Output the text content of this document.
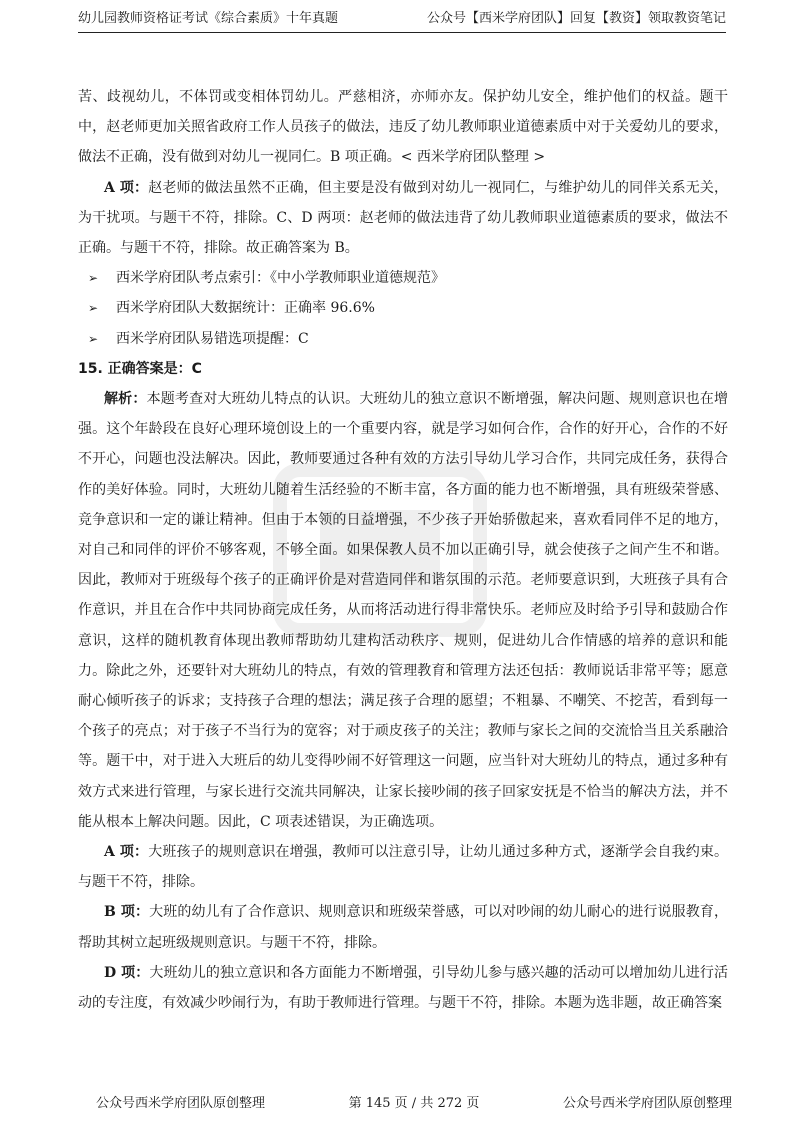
幼儿园教师资格证考试《综合素质》十年真题	公众号【西米学府团队】回复【教资】领取教资笔记

苦、歧视幼儿，不体罚或变相体罚幼儿。严慈相济，亦师亦友。保护幼儿安全，维护他们的权益。题干中，赵老师更加关照省政府工作人员孩子的做法，违反了幼儿教师职业道德素质中对于关爱幼儿的要求，做法不正确，没有做到对幼儿一视同仁。B 项正确。< 西米学府团队整理 >

A 项：赵老师的做法虽然不正确，但主要是没有做到对幼儿一视同仁，与维护幼儿的同伴关系无关，为干扰项。与题干不符，排除。C、D 两项：赵老师的做法违背了幼儿教师职业道德素质的要求，做法不正确。与题干不符，排除。故正确答案为 B。

➢	西米学府团队考点索引：《中小学教师职业道德规范》
➢	西米学府团队大数据统计：正确率 96.6%
➢	西米学府团队易错选项提醒：C

15. 正确答案是：C

解析：本题考查对大班幼儿特点的认识。大班幼儿的独立意识不断增强，解决问题、规则意识也在增强。这个年龄段在良好心理环境创设上的一个重要内容，就是学习如何合作，合作的好开心，合作的不好不开心，问题也没法解决。因此，教师要通过各种有效的方法引导幼儿学习合作，共同完成任务，获得合作的美好体验。同时，大班幼儿随着生活经验的不断丰富，各方面的能力也不断增强，具有班级荣誉感、竞争意识和一定的谦让精神。但由于本领的日益增强，不少孩子开始骄傲起来，喜欢看同伴不足的地方，对自己和同伴的评价不够客观，不够全面。如果保教人员不加以正确引导，就会使孩子之间产生不和谐。因此，教师对于班级每个孩子的正确评价是对营造同伴和谐氛围的示范。老师要意识到，大班孩子具有合作意识，并且在合作中共同协商完成任务，从而将活动进行得非常快乐。老师应及时给予引导和鼓励合作意识，这样的随机教育体现出教师帮助幼儿建构活动秩序、规则，促进幼儿合作情感的培养的意识和能力。除此之外，还要针对大班幼儿的特点，有效的管理教育和管理方法还包括：教师说话非常平等；愿意耐心倾听孩子的诉求；支持孩子合理的想法；满足孩子合理的愿望；不粗暴、不嘲笑、不挖苦，看到每一个孩子的亮点；对于孩子不当行为的宽容；对于顽皮孩子的关注；教师与家长之间的交流恰当且关系融洽等。题干中，对于进入大班后的幼儿变得吵闹不好管理这一问题，应当针对大班幼儿的特点，通过多种有效方式来进行管理，与家长进行交流共同解决，让家长接吵闹的孩子回家安抚是不恰当的解决方法，并不能从根本上解决问题。因此，C 项表述错误，为正确选项。

A 项：大班孩子的规则意识在增强，教师可以注意引导，让幼儿通过多种方式，逐渐学会自我约束。与题干不符，排除。

B 项：大班的幼儿有了合作意识、规则意识和班级荣誉感，可以对吵闹的幼儿耐心的进行说服教育，帮助其树立起班级规则意识。与题干不符，排除。

D 项：大班幼儿的独立意识和各方面能力不断增强，引导幼儿参与感兴趣的活动可以增加幼儿进行活动的专注度，有效减少吵闹行为，有助于教师进行管理。与题干不符，排除。本题为选非题，故正确答案

公众号西米学府团队原创整理	第 145 页 / 共 272 页	公众号西米学府团队原创整理
